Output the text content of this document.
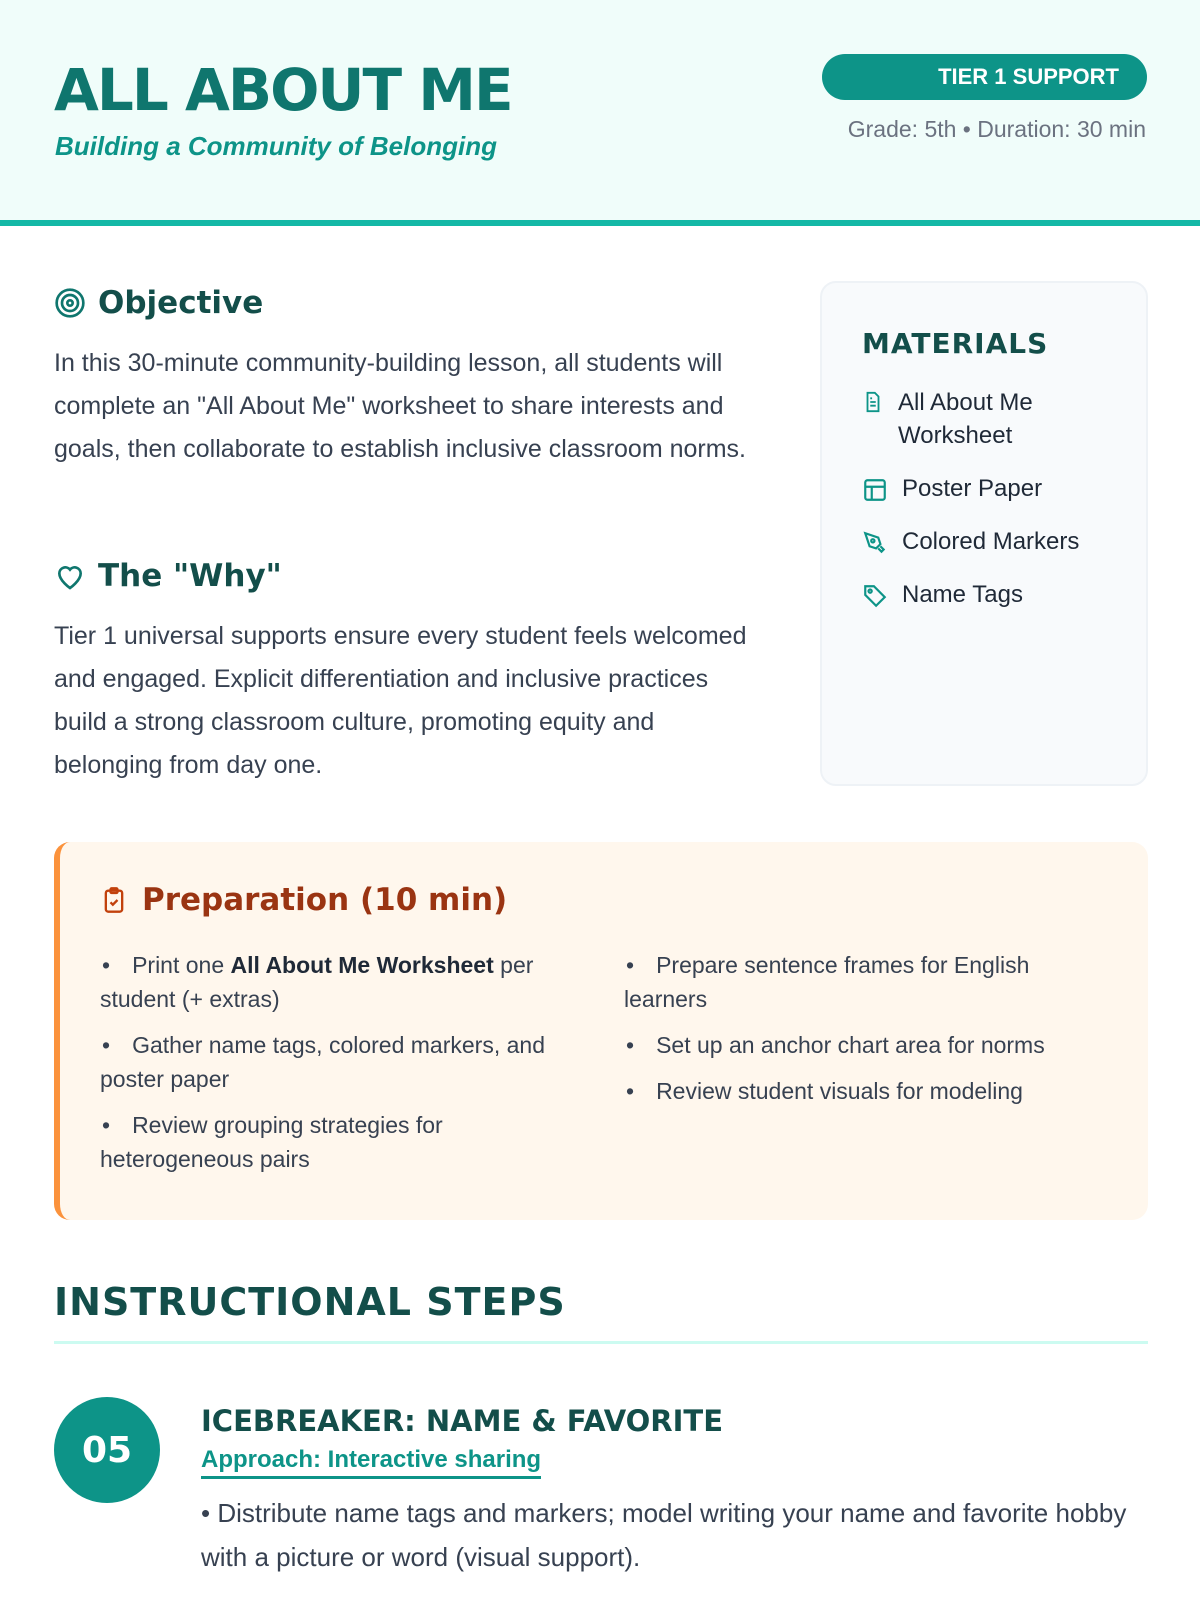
ALL ABOUT ME
Building a Community of Belonging
TIER 1 SUPPORT
Grade: 5th • Duration: 30 min
Objective
In this 30-minute community-building lesson, all students will complete an "All About Me" worksheet to share interests and goals, then collaborate to establish inclusive classroom norms.
The "Why"
Tier 1 universal supports ensure every student feels welcomed and engaged. Explicit differentiation and inclusive practices build a strong classroom culture, promoting equity and belonging from day one.
MATERIALS
All About Me Worksheet
Poster Paper
Colored Markers
Name Tags
Preparation (10 min)
• Print one All About Me Worksheet per student (+ extras)
• Gather name tags, colored markers, and poster paper
• Review grouping strategies for heterogeneous pairs
• Prepare sentence frames for English learners
• Set up an anchor chart area for norms
• Review student visuals for modeling
INSTRUCTIONAL STEPS
05
ICEBREAKER: NAME & FAVORITE
Approach: Interactive sharing
• Distribute name tags and markers; model writing your name and favorite hobby with a picture or word (visual support).
